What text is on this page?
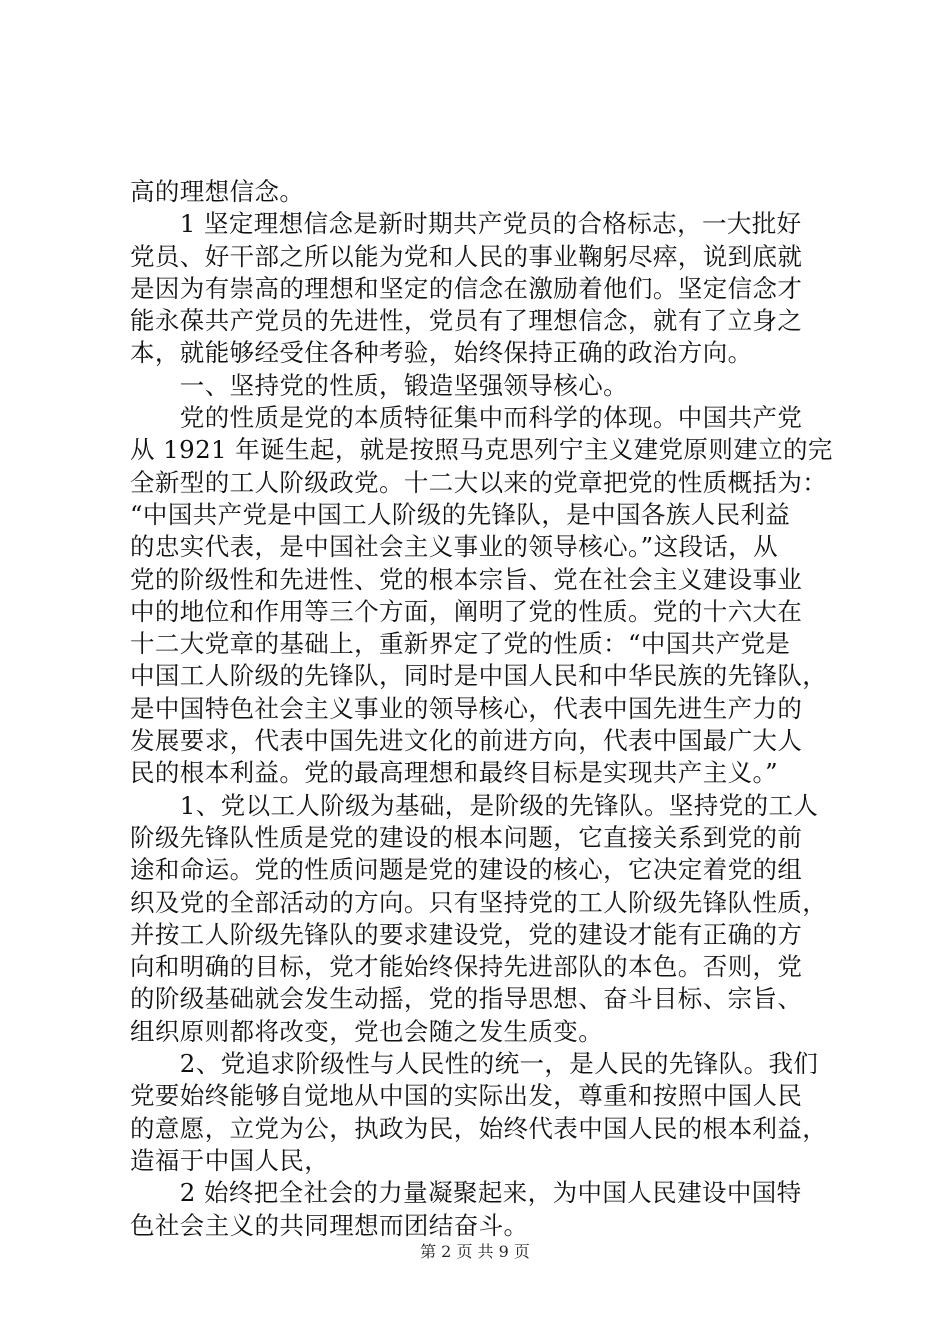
高的理想信念。
　　1 坚定理想信念是新时期共产党员的合格标志，一大批好
党员、好干部之所以能为党和人民的事业鞠躬尽瘁，说到底就
是因为有崇高的理想和坚定的信念在激励着他们。坚定信念才
能永葆共产党员的先进性，党员有了理想信念，就有了立身之
本，就能够经受住各种考验，始终保持正确的政治方向。
　　一、坚持党的性质，锻造坚强领导核心。
　　党的性质是党的本质特征集中而科学的体现。中国共产党
从 1921 年诞生起，就是按照马克思列宁主义建党原则建立的完
全新型的工人阶级政党。十二大以来的党章把党的性质概括为：
“中国共产党是中国工人阶级的先锋队，是中国各族人民利益
的忠实代表，是中国社会主义事业的领导核心。”这段话，从
党的阶级性和先进性、党的根本宗旨、党在社会主义建设事业
中的地位和作用等三个方面，阐明了党的性质。党的十六大在
十二大党章的基础上，重新界定了党的性质：“中国共产党是
中国工人阶级的先锋队，同时是中国人民和中华民族的先锋队，
是中国特色社会主义事业的领导核心，代表中国先进生产力的
发展要求，代表中国先进文化的前进方向，代表中国最广大人
民的根本利益。党的最高理想和最终目标是实现共产主义。”
　　1、党以工人阶级为基础，是阶级的先锋队。坚持党的工人
阶级先锋队性质是党的建设的根本问题，它直接关系到党的前
途和命运。党的性质问题是党的建设的核心，它决定着党的组
织及党的全部活动的方向。只有坚持党的工人阶级先锋队性质，
并按工人阶级先锋队的要求建设党，党的建设才能有正确的方
向和明确的目标，党才能始终保持先进部队的本色。否则，党
的阶级基础就会发生动摇，党的指导思想、奋斗目标、宗旨、
组织原则都将改变，党也会随之发生质变。
　　2、党追求阶级性与人民性的统一，是人民的先锋队。我们
党要始终能够自觉地从中国的实际出发，尊重和按照中国人民
的意愿，立党为公，执政为民，始终代表中国人民的根本利益，
造福于中国人民，
　　2 始终把全社会的力量凝聚起来，为中国人民建设中国特
色社会主义的共同理想而团结奋斗。
第 2 页 共 9 页
